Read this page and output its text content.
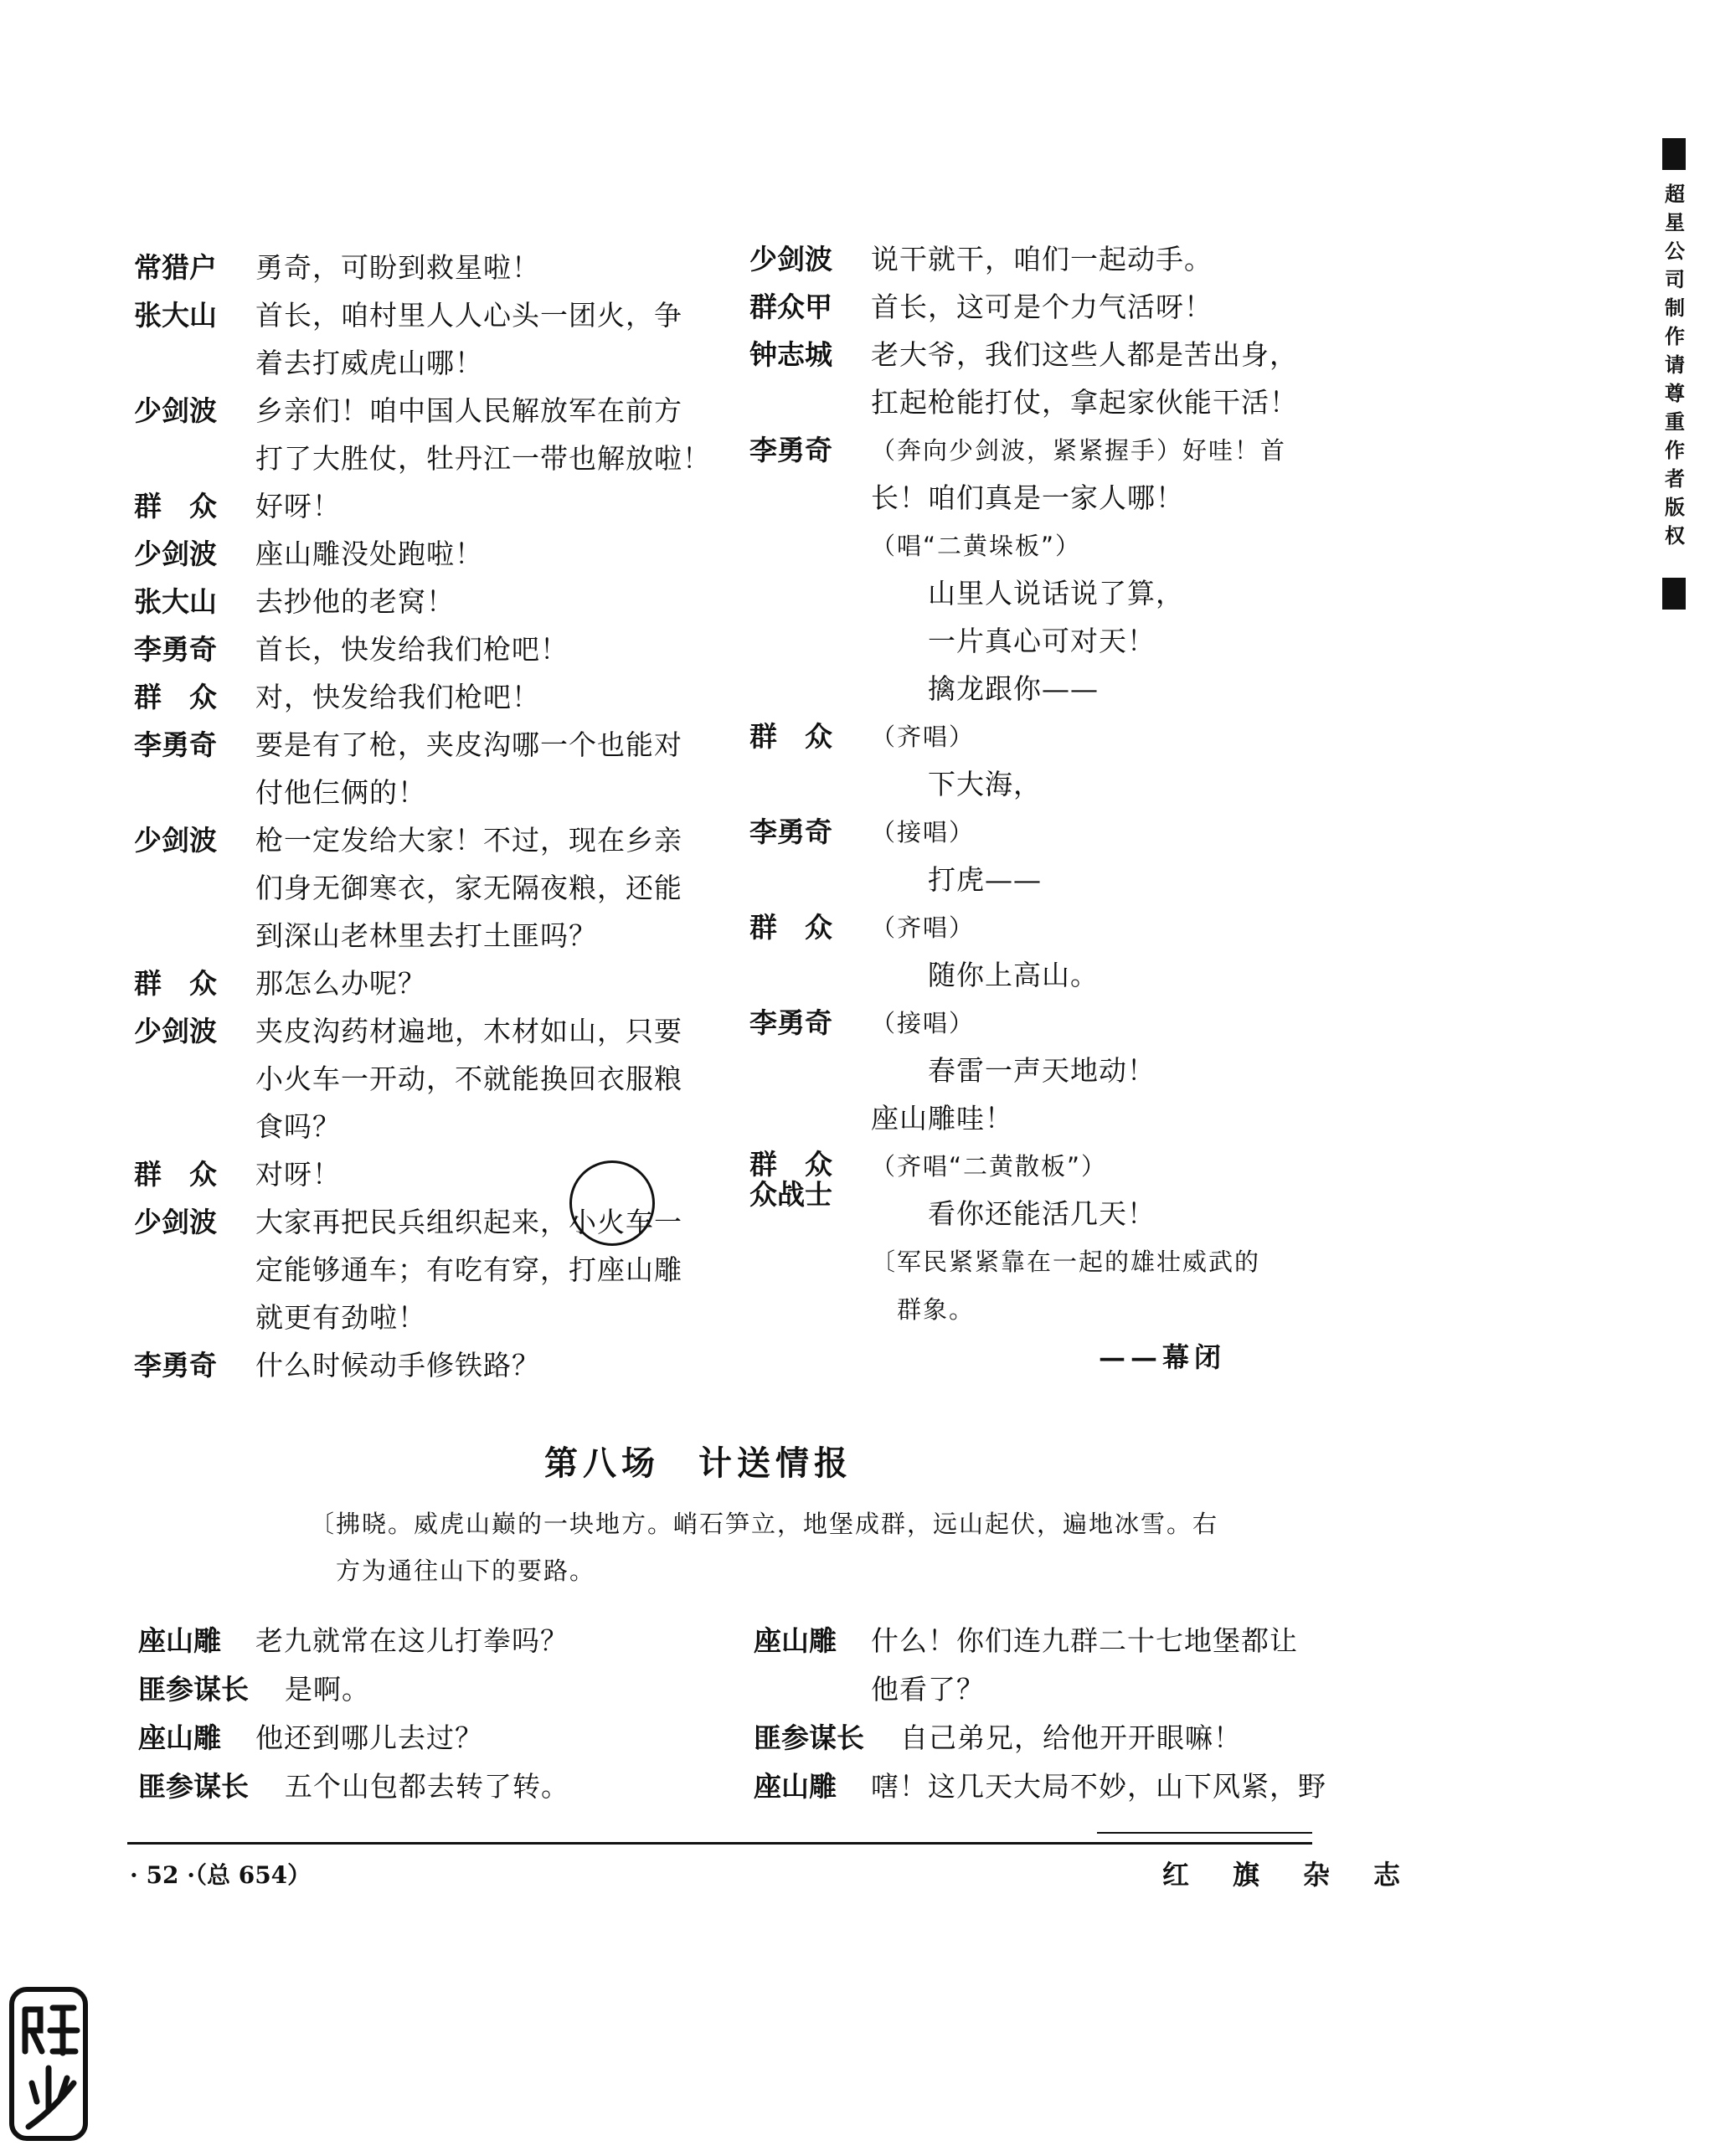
常猎户 勇奇，可盼到救星啦！
张大山 首长，咱村里人人心头一团火，争
着去打威虎山哪！
少剑波 乡亲们！咱中国人民解放军在前方
打了大胜仗，牡丹江一带也解放啦！
群　众 好呀！
少剑波 座山雕没处跑啦！
张大山 去抄他的老窝！
李勇奇 首长，快发给我们枪吧！
群　众 对，快发给我们枪吧！
李勇奇 要是有了枪，夹皮沟哪一个也能对
付他仨俩的！
少剑波 枪一定发给大家！不过，现在乡亲
们身无御寒衣，家无隔夜粮，还能
到深山老林里去打土匪吗？
群　众 那怎么办呢？
少剑波 夹皮沟药材遍地，木材如山，只要
小火车一开动，不就能换回衣服粮
食吗？
群　众 对呀！
少剑波 大家再把民兵组织起来，小火车一
定能够通车；有吃有穿，打座山雕
就更有劲啦！
李勇奇 什么时候动手修铁路？
少剑波 说干就干，咱们一起动手。
群众甲 首长，这可是个力气活呀！
钟志城 老大爷，我们这些人都是苦出身，
扛起枪能打仗，拿起家伙能干活！
李勇奇 （奔向少剑波，紧紧握手）好哇！首
长！咱们真是一家人哪！
（唱“二黄垛板”）
　　山里人说话说了算，
　　一片真心可对天！
　　擒龙跟你——
群　众 （齐唱）
　　下大海，
李勇奇 （接唱）
　　打虎——
群　众 （齐唱）
　　随你上高山。
李勇奇 （接唱）
　　春雷一声天地动！
座山雕哇！
群　众
众战士
（齐唱“二黄散板”）
　　看你还能活几天！
〔军民紧紧靠在一起的雄壮威武的
　群象。
——幕闭
第八场　计送情报
〔拂晓。威虎山巅的一块地方。峭石笋立，地堡成群，远山起伏，遍地冰雪。右
　方为通往山下的要路。
座山雕 老九就常在这儿打拳吗？
匪参谋长 是啊。
座山雕 他还到哪儿去过？
匪参谋长 五个山包都去转了转。
座山雕 什么！你们连九群二十七地堡都让
他看了？
匪参谋长 自己弟兄，给他开开眼嘛！
座山雕 嗐！这几天大局不妙，山下风紧，野
· 52 ·（总 654）	红　旗　杂　志
超星公司制作请尊重作者版权
